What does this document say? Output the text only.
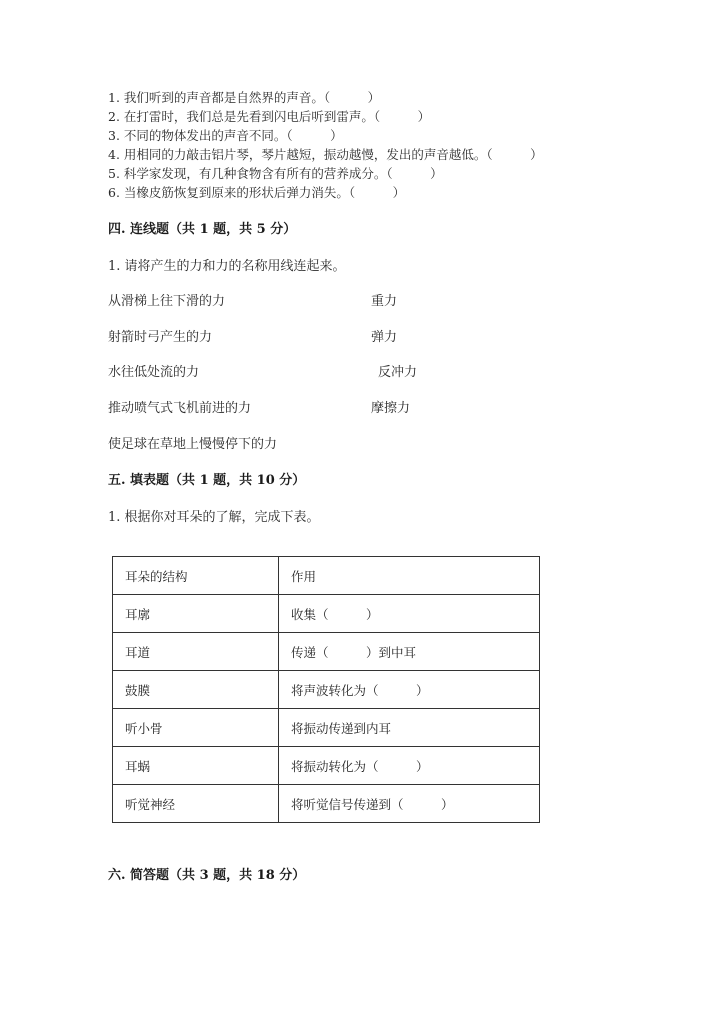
1. 我们听到的声音都是自然界的声音。（　　　）
2. 在打雷时，我们总是先看到闪电后听到雷声。（　　　）
3. 不同的物体发出的声音不同。（　　　）
4. 用相同的力敲击铝片琴，琴片越短，振动越慢，发出的声音越低。（　　　）
5. 科学家发现，有几种食物含有所有的营养成分。（　　　）
6. 当橡皮筋恢复到原来的形状后弹力消失。（　　　）
四. 连线题（共 1 题，共 5 分）
1. 请将产生的力和力的名称用线连起来。
从滑梯上往下滑的力
射箭时弓产生的力
水往低处流的力
推动喷气式飞机前进的力
使足球在草地上慢慢停下的力
重力
弹力
反冲力
摩擦力
五. 填表题（共 1 题，共 10 分）
1. 根据你对耳朵的了解，完成下表。
耳朵的结构	作用
耳廓	收集（　　　）
耳道	传递（　　　）到中耳
鼓膜	将声波转化为（　　　）
听小骨	将振动传递到内耳
耳蜗	将振动转化为（　　　）
听觉神经	将听觉信号传递到（　　　）
六. 简答题（共 3 题，共 18 分）
